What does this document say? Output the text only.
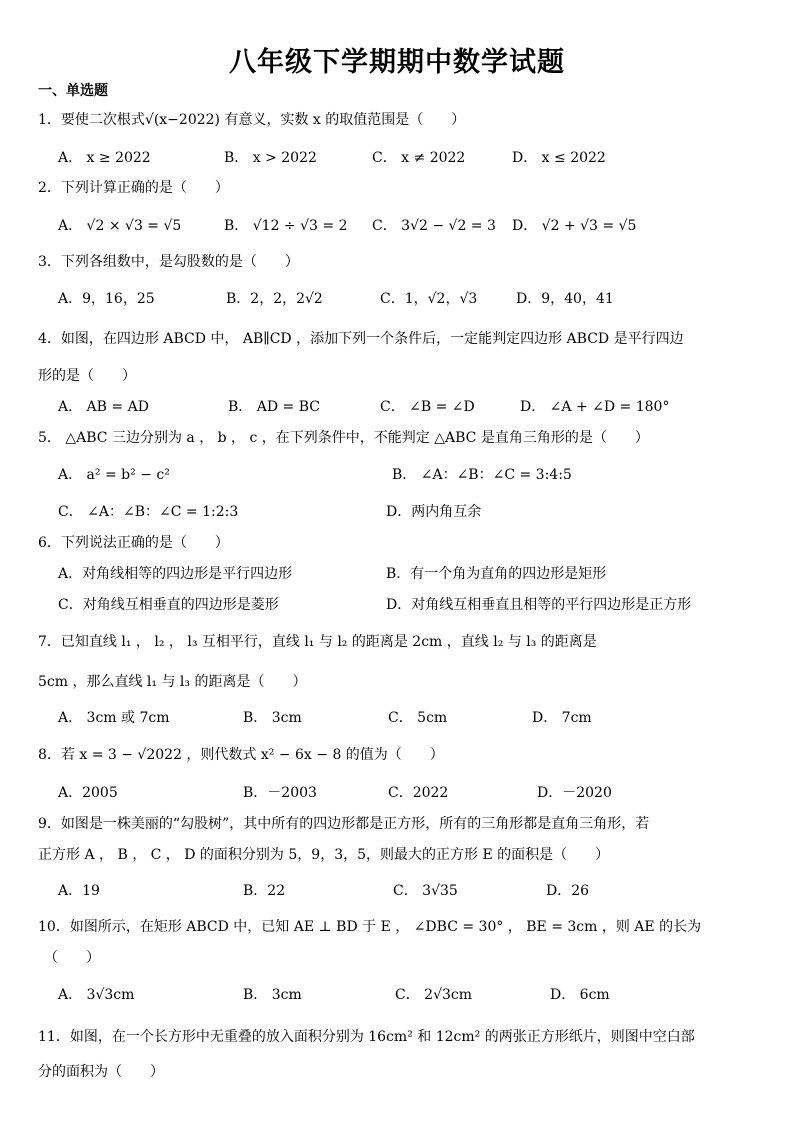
八年级下学期期中数学试题
一、单选题
1．要使二次根式√(x−2022) 有意义，实数 x 的取值范围是（　　）
A． x ≥ 2022	B． x > 2022	C． x ≠ 2022	D． x ≤ 2022
2．下列计算正确的是（　　）
A． √2 × √3 = √5	B． √12 ÷ √3 = 2 C． 3√2 − √2 = 3 D． √2 + √3 = √5
3．下列各组数中，是勾股数的是（　　）
A．9，16，25	B．2，2，2√2	C．1，√2，√3	D．9，40，41
4．如图，在四边形 ABCD 中， AB∥CD ，添加下列一个条件后，一定能判定四边形 ABCD 是平行四边
形的是（　　）
A． AB = AD	B． AD = BC	C． ∠B = ∠D	D． ∠A + ∠D = 180°
5． △ABC 三边分别为 a ， b ， c ，在下列条件中，不能判定 △ABC 是直角三角形的是（　　）
A． a² = b² − c²	B． ∠A：∠B：∠C = 3:4:5
C． ∠A：∠B：∠C = 1:2:3	D．两内角互余
6．下列说法正确的是（　　）
A．对角线相等的四边形是平行四边形	B．有一个角为直角的四边形是矩形
C．对角线互相垂直的四边形是菱形	D．对角线互相垂直且相等的平行四边形是正方形
7．已知直线 l₁ ， l₂ ， l₃ 互相平行，直线 l₁ 与 l₂ 的距离是 2cm ，直线 l₂ 与 l₃ 的距离是
5cm ，那么直线 l₁ 与 l₃ 的距离是（　　）
A． 3cm 或 7cm	B． 3cm	C． 5cm	D． 7cm
8．若 x = 3 − √2022 ，则代数式 x² − 6x − 8 的值为（　　）
A．2005	B．－2003	C．2022	D．－2020
9．如图是一株美丽的“勾股树”，其中所有的四边形都是正方形，所有的三角形都是直角三角形，若
正方形 A ， B ， C ， D 的面积分别为 5，9，3，5，则最大的正方形 E 的面积是（　　）
A．19	B．22	C． 3√35	D．26
10．如图所示，在矩形 ABCD 中，已知 AE ⊥ BD 于 E ， ∠DBC = 30° ， BE = 3cm ，则 AE 的长为
（　　）
A． 3√3cm	B． 3cm	C． 2√3cm	D． 6cm
11．如图，在一个长方形中无重叠的放入面积分别为 16cm² 和 12cm² 的两张正方形纸片，则图中空白部
分的面积为（　　）
